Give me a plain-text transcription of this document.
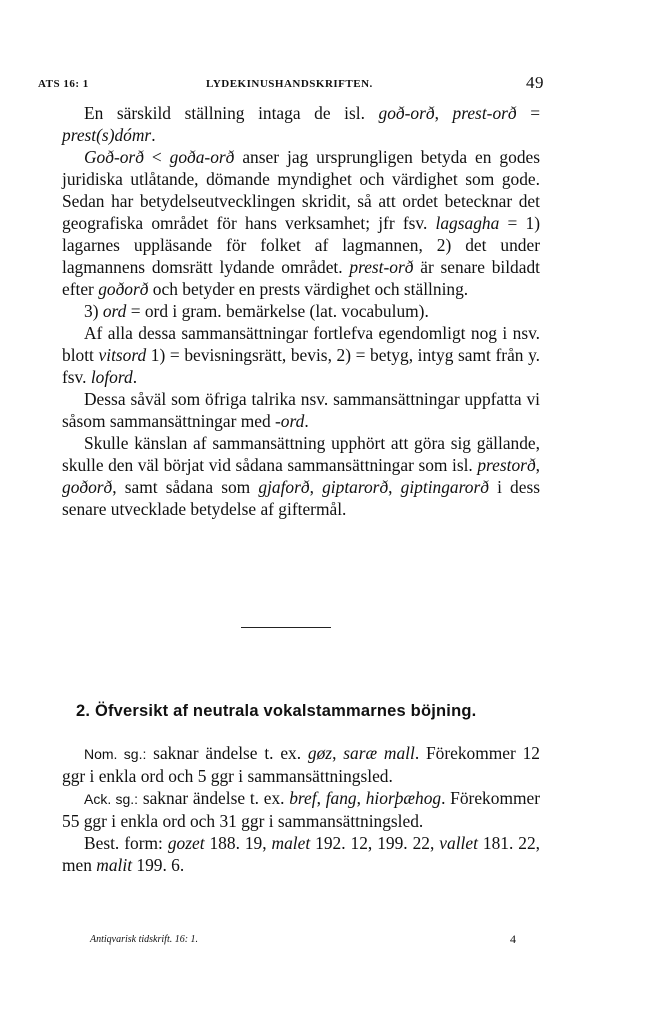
ATS 16: 1	LYDEKINUSHANDSKRIFTEN.	49

En särskild ställning intaga de isl. goð-orð, prest-orð = prest(s)dómr.

Goð-orð < goða-orð anser jag ursprungligen betyda en godes juridiska utlåtande, dömande myndighet och värdighet som gode. Sedan har betydelseutvecklingen skridit, så att ordet betecknar det geografiska området för hans verksamhet; jfr fsv. lagsagha = 1) lagarnes uppläsande för folket af lagmannen, 2) det under lagmannens domsrätt lydande området. prest-orð är senare bildadt efter goðorð och betyder en prests värdighet och ställning.

3) ord = ord i gram. bemärkelse (lat. vocabulum).

Af alla dessa sammansättningar fortlefva egendomligt nog i nsv. blott vitsord 1) = bevisningsrätt, bevis, 2) = betyg, intyg samt från y. fsv. loford.

Dessa såväl som öfriga talrika nsv. sammansättningar uppfatta vi såsom sammansättningar med -ord.

Skulle känslan af sammansättning upphört att göra sig gällande, skulle den väl börjat vid sådana sammansättningar som isl. prestorð, goðorð, samt sådana som gjaforð, giptarorð, giptingarorð i dess senare utvecklade betydelse af giftermål.

2. Öfversikt af neutrala vokalstammarnes böjning.

Nom. sg.: saknar ändelse t. ex. gøz, saræ mall. Förekommer 12 ggr i enkla ord och 5 ggr i sammansättningsled.

Ack. sg.: saknar ändelse t. ex. bref, fang, hiorþæhog. Förekommer 55 ggr i enkla ord och 31 ggr i sammansättningsled.

Best. form: gozet 188. 19, malet 192. 12, 199. 22, vallet 181. 22, men malit 199. 6.

Antiqvarisk tidskrift. 16: 1.	4
